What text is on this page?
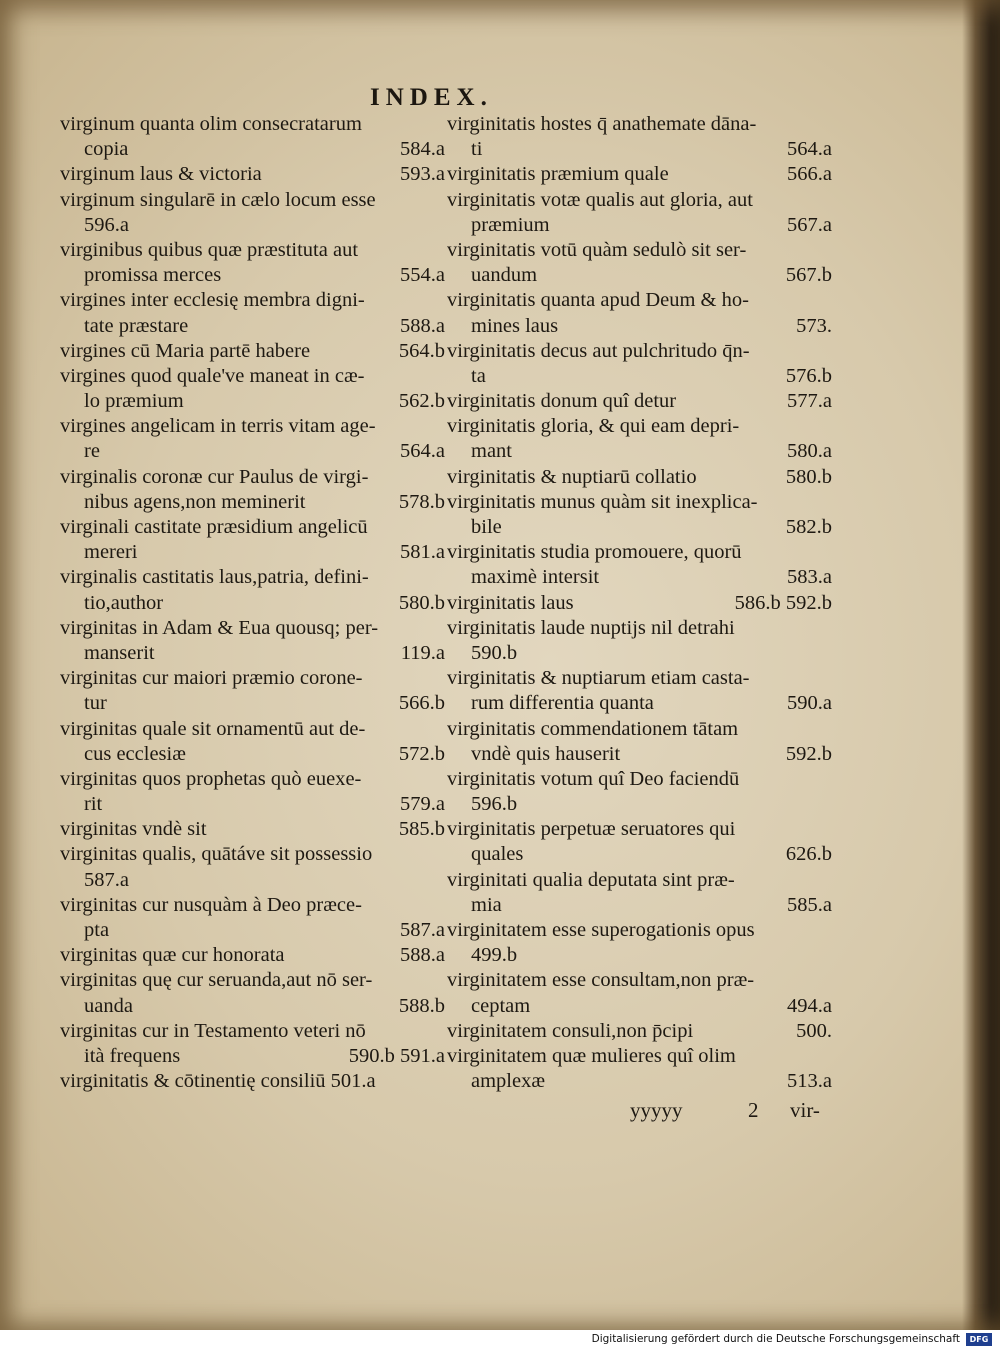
INDEX.
virginum quanta olim consecratarum
copia	584.a
virginum laus & victoria	593.a
virginum singularē in cælo locum esse
596.a
virginibus quibus quæ præstituta aut
promissa merces	554.a
virgines inter ecclesię membra digni-
tate præstare	588.a
virgines cū Maria partē habere	564.b
virgines quod quale've maneat in cæ-
lo præmium	562.b
virgines angelicam in terris vitam age-
re	564.a
virginalis coronæ cur Paulus de virgi-
nibus agens,non meminerit	578.b
virginali castitate præsidium angelicū
mereri	581.a
virginalis castitatis laus,patria, defini-
tio,author	580.b
virginitas in Adam & Eua quousq; per-
manserit	119.a
virginitas cur maiori præmio corone-
tur	566.b
virginitas quale sit ornamentū aut de-
cus ecclesiæ	572.b
virginitas quos prophetas quò euexe-
rit	579.a
virginitas vndè sit	585.b
virginitas qualis, quātáve sit possessio
587.a
virginitas cur nusquàm à Deo præce-
pta	587.a
virginitas quæ cur honorata	588.a
virginitas quę cur seruanda,aut nō ser-
uanda	588.b
virginitas cur in Testamento veteri nō
ità frequens	590.b 591.a
virginitatis & cōtinentię consiliū 501.a
virginitatis hostes q̄ anathemate dāna-
ti	564.a
virginitatis præmium quale	566.a
virginitatis votæ qualis aut gloria, aut
præmium	567.a
virginitatis votū quàm sedulò sit ser-
uandum	567.b
virginitatis quanta apud Deum & ho-
mines laus	573.
virginitatis decus aut pulchritudo q̄n-
ta	576.b
virginitatis donum quî detur	577.a
virginitatis gloria, & qui eam depri-
mant	580.a
virginitatis & nuptiarū collatio	580.b
virginitatis munus quàm sit inexplica-
bile	582.b
virginitatis studia promouere, quorū
maximè intersit	583.a
virginitatis laus	586.b 592.b
virginitatis laude nuptijs nil detrahi
590.b
virginitatis & nuptiarum etiam casta-
rum differentia quanta	590.a
virginitatis commendationem tātam
vndè quis hauserit	592.b
virginitatis votum quî Deo faciendū
596.b
virginitatis perpetuæ seruatores qui
quales	626.b
virginitati qualia deputata sint præ-
mia	585.a
virginitatem esse superogationis opus
499.b
virginitatem esse consultam,non præ-
ceptam	494.a
virginitatem consuli,non p̄cipi	500.
virginitatem quæ mulieres quî olim
amplexæ	513.a
yyyyy	2 vir-
Digitalisierung gefördert durch die Deutsche Forschungsgemeinschaft	DFG
